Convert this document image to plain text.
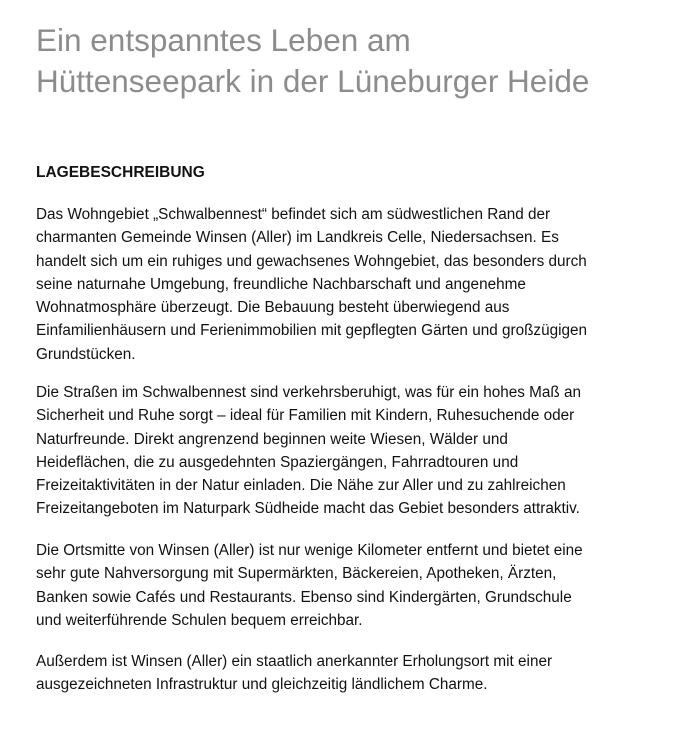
Ein entspanntes Leben am
Hüttenseepark in der Lüneburger Heide
LAGEBESCHREIBUNG

Das Wohngebiet „Schwalbennest“ befindet sich am südwestlichen Rand der
charmanten Gemeinde Winsen (Aller) im Landkreis Celle, Niedersachsen. Es
handelt sich um ein ruhiges und gewachsenes Wohngebiet, das besonders durch
seine naturnahe Umgebung, freundliche Nachbarschaft und angenehme
Wohnatmosphäre überzeugt. Die Bebauung besteht überwiegend aus
Einfamilienhäusern und Ferienimmobilien mit gepflegten Gärten und großzügigen
Grundstücken.

Die Straßen im Schwalbennest sind verkehrsberuhigt, was für ein hohes Maß an
Sicherheit und Ruhe sorgt – ideal für Familien mit Kindern, Ruhesuchende oder
Naturfreunde. Direkt angrenzend beginnen weite Wiesen, Wälder und
Heideflächen, die zu ausgedehnten Spaziergängen, Fahrradtouren und
Freizeitaktivitäten in der Natur einladen. Die Nähe zur Aller und zu zahlreichen
Freizeitangeboten im Naturpark Südheide macht das Gebiet besonders attraktiv.

Die Ortsmitte von Winsen (Aller) ist nur wenige Kilometer entfernt und bietet eine
sehr gute Nahversorgung mit Supermärkten, Bäckereien, Apotheken, Ärzten,
Banken sowie Cafés und Restaurants. Ebenso sind Kindergärten, Grundschule
und weiterführende Schulen bequem erreichbar.

Außerdem ist Winsen (Aller) ein staatlich anerkannter Erholungsort mit einer
ausgezeichneten Infrastruktur und gleichzeitig ländlichem Charme.
